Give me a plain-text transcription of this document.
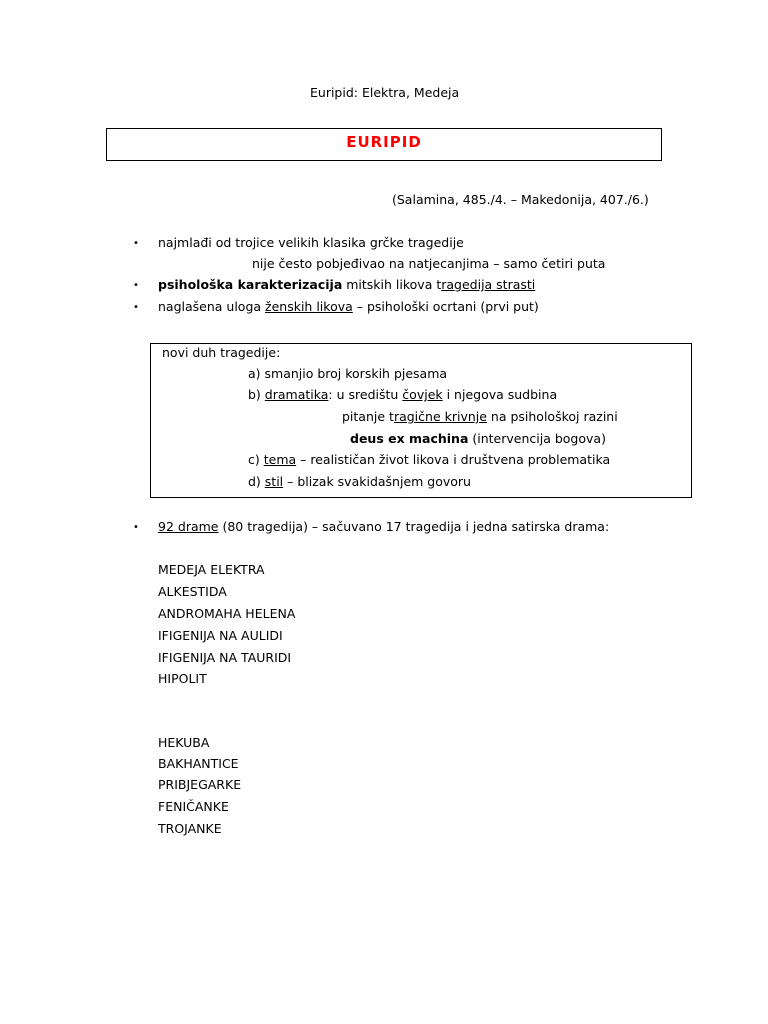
Euripid: Elektra, Medeja
EURIPID
(Salamina, 485./4. – Makedonija, 407./6.)
• najmlađi od trojice velikih klasika grčke tragedije
nije često pobjeđivao na natjecanjima – samo četiri puta
• psihološka karakterizacija mitskih likova tragedija strasti
• naglašena uloga ženskih likova – psihološki ocrtani (prvi put)
novi duh tragedije:
a) smanjio broj korskih pjesama
b) dramatika: u središtu čovjek i njegova sudbina
pitanje tragične krivnje na psihološkoj razini
deus ex machina (intervencija bogova)
c) tema – realističan život likova i društvena problematika
d) stil – blizak svakidašnjem govoru
• 92 drame (80 tragedija) – sačuvano 17 tragedija i jedna satirska drama:
MEDEJA ELEKTRA
ALKESTIDA
ANDROMAHA HELENA
IFIGENIJA NA AULIDI
IFIGENIJA NA TAURIDI
HIPOLIT
HEKUBA
BAKHANTICE
PRIBJEGARKE
FENIČANKE
TROJANKE
